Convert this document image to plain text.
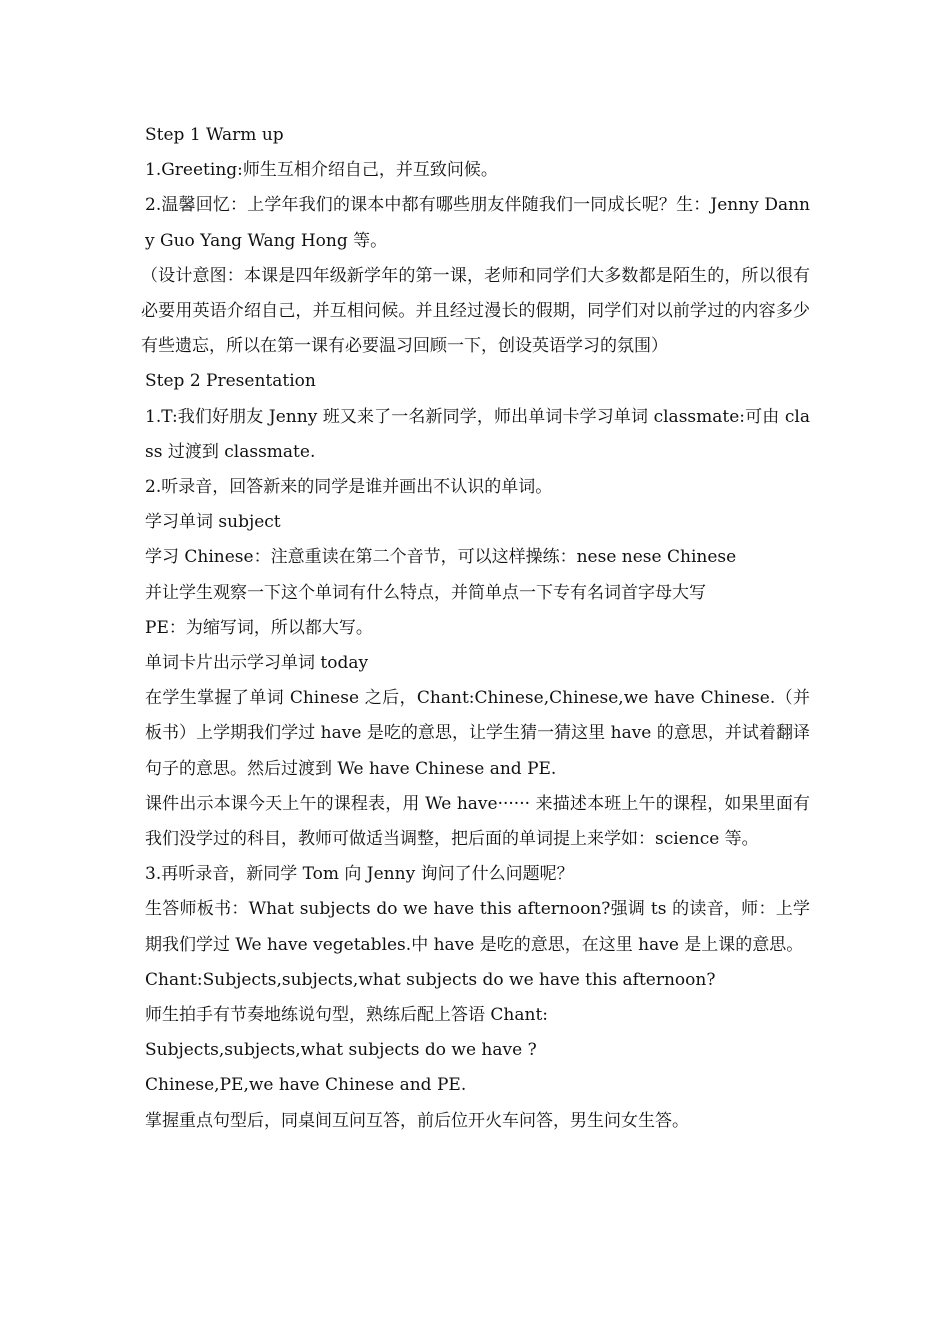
Step 1 Warm up

1.Greeting:师生互相介绍自己，并互致问候。

2.温馨回忆：上学年我们的课本中都有哪些朋友伴随我们一同成长呢？生：Jenny Danny Guo Yang Wang Hong 等。

（设计意图：本课是四年级新学年的第一课，老师和同学们大多数都是陌生的，所以很有必要用英语介绍自己，并互相问候。并且经过漫长的假期，同学们对以前学过的内容多少有些遗忘，所以在第一课有必要温习回顾一下，创设英语学习的氛围）

Step 2 Presentation

1.T:我们好朋友 Jenny 班又来了一名新同学，师出单词卡学习单词 classmate:可由 class 过渡到 classmate.

2.听录音，回答新来的同学是谁并画出不认识的单词。

学习单词 subject

学习 Chinese：注意重读在第二个音节，可以这样操练：nese nese Chinese

并让学生观察一下这个单词有什么特点，并简单点一下专有名词首字母大写

PE：为缩写词，所以都大写。

单词卡片出示学习单词 today

在学生掌握了单词 Chinese 之后，Chant:Chinese,Chinese,we have Chinese.（并板书）上学期我们学过 have 是吃的意思，让学生猜一猜这里 have 的意思，并试着翻译句子的意思。然后过渡到 We have Chinese and PE.

课件出示本课今天上午的课程表，用 We have······ 来描述本班上午的课程，如果里面有我们没学过的科目，教师可做适当调整，把后面的单词提上来学如：science 等。

3.再听录音，新同学 Tom 向 Jenny 询问了什么问题呢？

生答师板书：What subjects do we have this afternoon?强调 ts 的读音，师：上学期我们学过 We have vegetables.中 have 是吃的意思，在这里 have 是上课的意思。

Chant:Subjects,subjects,what subjects do we have this afternoon?

师生拍手有节奏地练说句型，熟练后配上答语 Chant:

Subjects,subjects,what subjects do we have ?

Chinese,PE,we have Chinese and PE.

掌握重点句型后，同桌间互问互答，前后位开火车问答，男生问女生答。
